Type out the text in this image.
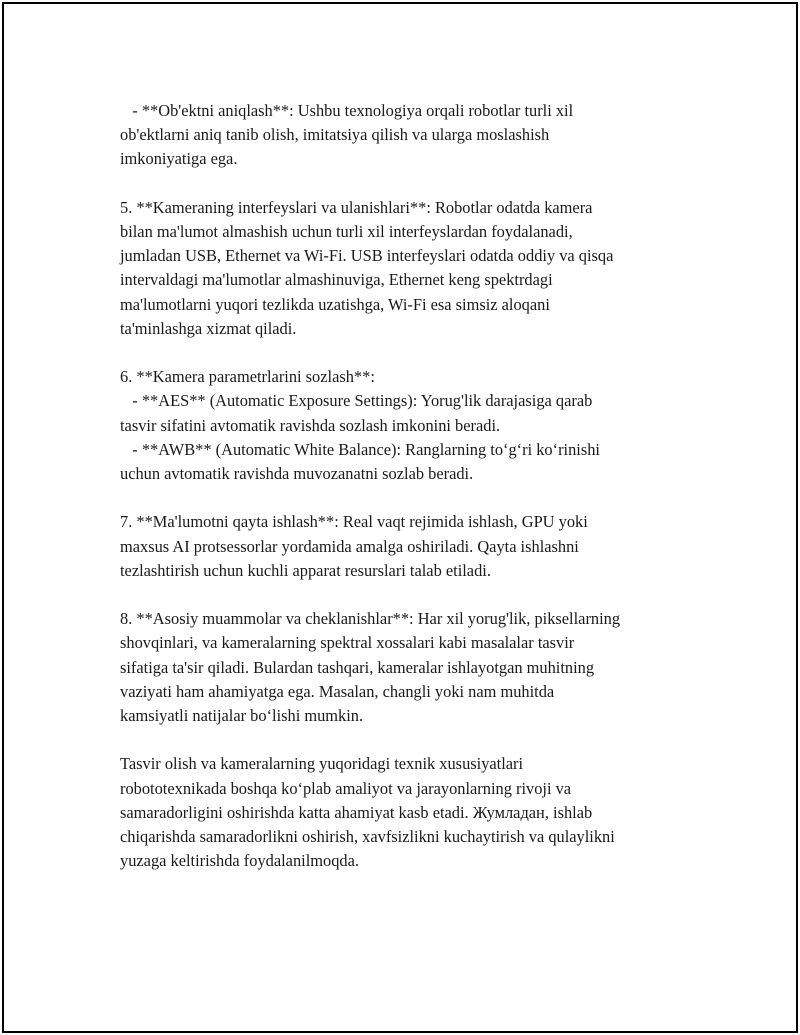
- **Ob'ektni aniqlash**: Ushbu texnologiya orqali robotlar turli xil
ob'ektlarni aniq tanib olish, imitatsiya qilish va ularga moslashish
imkoniyatiga ega.

5. **Kameraning interfeyslari va ulanishlari**: Robotlar odatda kamera
bilan ma'lumot almashish uchun turli xil interfeyslardan foydalanadi,
jumladan USB, Ethernet va Wi-Fi. USB interfeyslari odatda oddiy va qisqa
intervaldagi ma'lumotlar almashinuviga, Ethernet keng spektrdagi
ma'lumotlarni yuqori tezlikda uzatishga, Wi-Fi esa simsiz aloqani
ta'minlashga xizmat qiladi.

6. **Kamera parametrlarini sozlash**:
- **AES** (Automatic Exposure Settings): Yorug'lik darajasiga qarab
tasvir sifatini avtomatik ravishda sozlash imkonini beradi.
- **AWB** (Automatic White Balance): Ranglarning to‘g‘ri ko‘rinishi
uchun avtomatik ravishda muvozanatni sozlab beradi.

7. **Ma'lumotni qayta ishlash**: Real vaqt rejimida ishlash, GPU yoki
maxsus AI protsessorlar yordamida amalga oshiriladi. Qayta ishlashni
tezlashtirish uchun kuchli apparat resurslari talab etiladi.

8. **Asosiy muammolar va cheklanishlar**: Har xil yorug'lik, piksellarning
shovqinlari, va kameralarning spektral xossalari kabi masalalar tasvir
sifatiga ta'sir qiladi. Bulardan tashqari, kameralar ishlayotgan muhitning
vaziyati ham ahamiyatga ega. Masalan, changli yoki nam muhitda
kamsiyatli natijalar bo‘lishi mumkin.

Tasvir olish va kameralarning yuqoridagi texnik xususiyatlari
robototexnikada boshqa ko‘plab amaliyot va jarayonlarning rivoji va
samaradorligini oshirishda katta ahamiyat kasb etadi. Жумладан, ishlab
chiqarishda samaradorlikni oshirish, xavfsizlikni kuchaytirish va qulaylikni
yuzaga keltirishda foydalanilmoqda.
